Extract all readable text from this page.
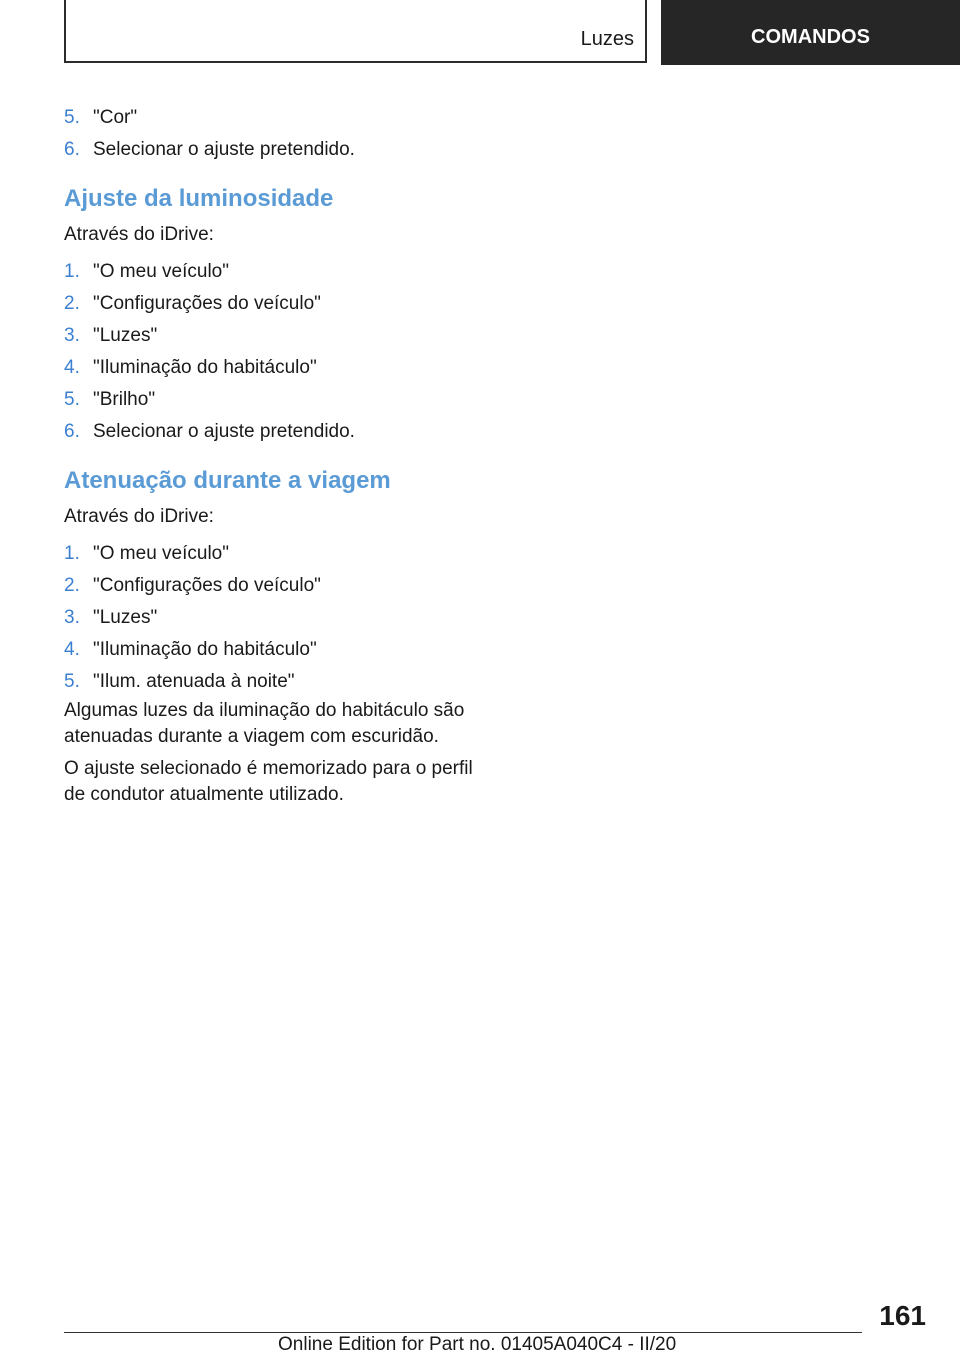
Luzes	COMANDOS
5. "Cor"
6. Selecionar o ajuste pretendido.
Ajuste da luminosidade

Através do iDrive:

1. "O meu veículo"
2. "Configurações do veículo"
3. "Luzes"
4. "Iluminação do habitáculo"
5. "Brilho"
6. Selecionar o ajuste pretendido.
Atenuação durante a viagem

Através do iDrive:

1. "O meu veículo"
2. "Configurações do veículo"
3. "Luzes"
4. "Iluminação do habitáculo"
5. "Ilum. atenuada à noite"

Algumas luzes da iluminação do habitáculo são atenuadas durante a viagem com escuridão.

O ajuste selecionado é memorizado para o perfil de condutor atualmente utilizado.

161
Online Edition for Part no. 01405A040C4 - II/20
